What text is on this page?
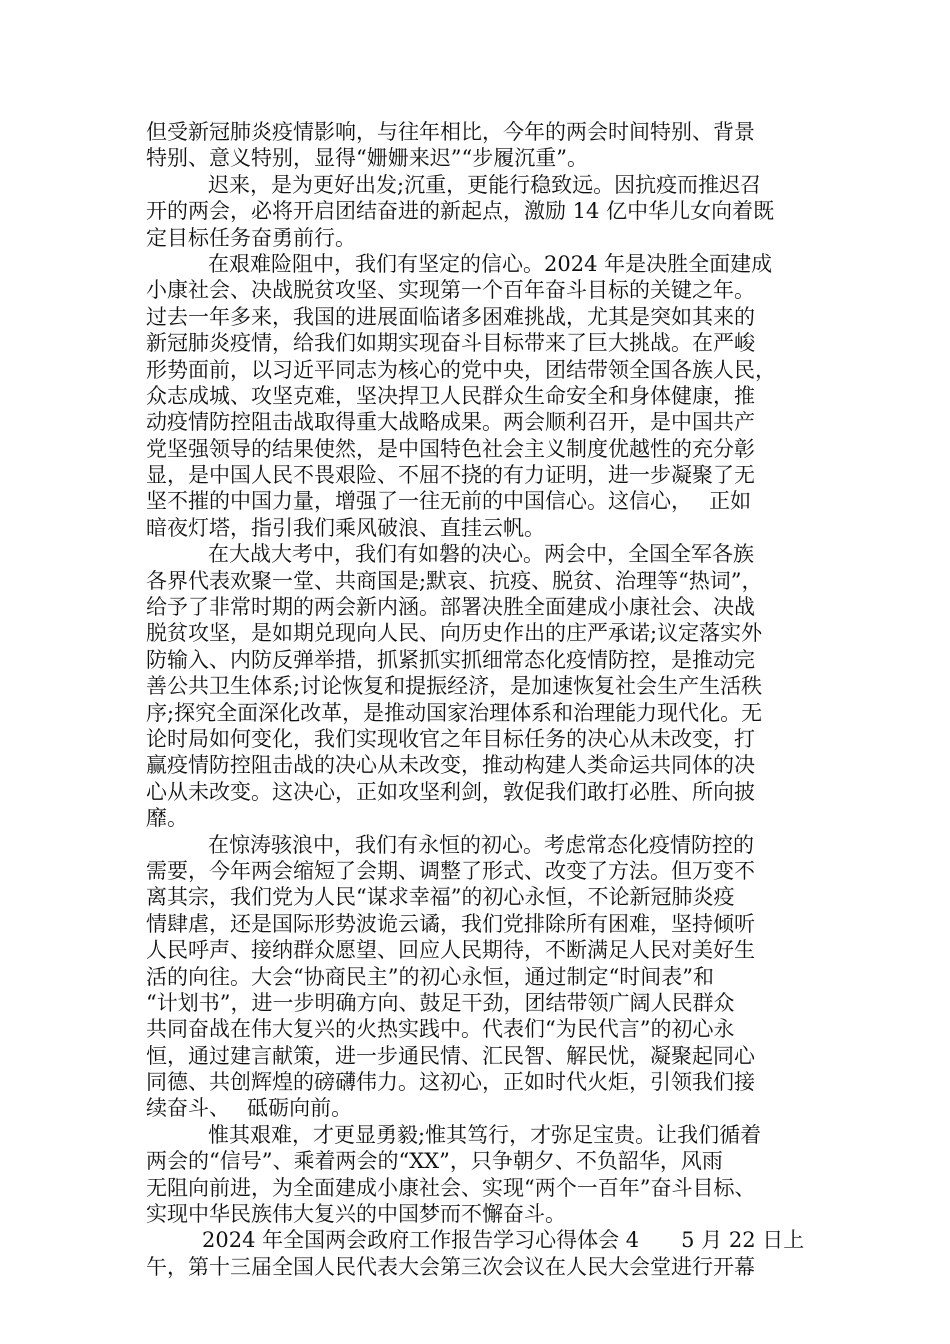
但受新冠肺炎疫情影响，与往年相比，今年的两会时间特别、背景
特别、意义特别，显得“姗姗来迟”“步履沉重”。
迟来，是为更好出发;沉重，更能行稳致远。因抗疫而推迟召
开的两会，必将开启团结奋进的新起点，激励 14 亿中华儿女向着既
定目标任务奋勇前行。
在艰难险阻中，我们有坚定的信心。2024 年是决胜全面建成
小康社会、决战脱贫攻坚、实现第一个百年奋斗目标的关键之年。
过去一年多来，我国的进展面临诸多困难挑战，尤其是突如其来的
新冠肺炎疫情，给我们如期实现奋斗目标带来了巨大挑战。在严峻
形势面前，以习近平同志为核心的党中央，团结带领全国各族人民，
众志成城、攻坚克难，坚决捍卫人民群众生命安全和身体健康，推
动疫情防控阻击战取得重大战略成果。两会顺利召开，是中国共产
党坚强领导的结果使然，是中国特色社会主义制度优越性的充分彰
显，是中国人民不畏艰险、不屈不挠的有力证明，进一步凝聚了无
坚不摧的中国力量，增强了一往无前的中国信心。这信心，　 正如
暗夜灯塔，指引我们乘风破浪、直挂云帆。
在大战大考中，我们有如磐的决心。两会中，全国全军各族
各界代表欢聚一堂、共商国是;默哀、抗疫、脱贫、治理等“热词”，
给予了非常时期的两会新内涵。部署决胜全面建成小康社会、决战
脱贫攻坚，是如期兑现向人民、向历史作出的庄严承诺;议定落实外
防输入、内防反弹举措，抓紧抓实抓细常态化疫情防控，是推动完
善公共卫生体系;讨论恢复和提振经济，是加速恢复社会生产生活秩
序;探究全面深化改革，是推动国家治理体系和治理能力现代化。无
论时局如何变化，我们实现收官之年目标任务的决心从未改变，打
赢疫情防控阻击战的决心从未改变，推动构建人类命运共同体的决
心从未改变。这决心，正如攻坚利剑，敦促我们敢打必胜、所向披
靡。
在惊涛骇浪中，我们有永恒的初心。考虑常态化疫情防控的
需要，今年两会缩短了会期、调整了形式、改变了方法。但万变不
离其宗，我们党为人民“谋求幸福”的初心永恒，不论新冠肺炎疫
情肆虐，还是国际形势波诡云谲，我们党排除所有困难，坚持倾听
人民呼声、接纳群众愿望、回应人民期待，不断满足人民对美好生
活的向往。大会“协商民主”的初心永恒，通过制定“时间表”和
“计划书”，进一步明确方向、鼓足干劲，团结带领广阔人民群众
共同奋战在伟大复兴的火热实践中。代表们“为民代言”的初心永
恒，通过建言献策，进一步通民情、汇民智、解民忧，凝聚起同心
同德、共创辉煌的磅礴伟力。这初心，正如时代火炬，引领我们接
续奋斗、　 砥砺向前。
惟其艰难，才更显勇毅;惟其笃行，才弥足宝贵。让我们循着
两会的“信号”、乘着两会的“XX”，只争朝夕、不负韶华，风雨
无阻向前进，为全面建成小康社会、实现“两个一百年”奋斗目标、
实现中华民族伟大复兴的中国梦而不懈奋斗。
2024 年全国两会政府工作报告学习心得体会 4　　5 月 22 日上
午，第十三届全国人民代表大会第三次会议在人民大会堂进行开幕
